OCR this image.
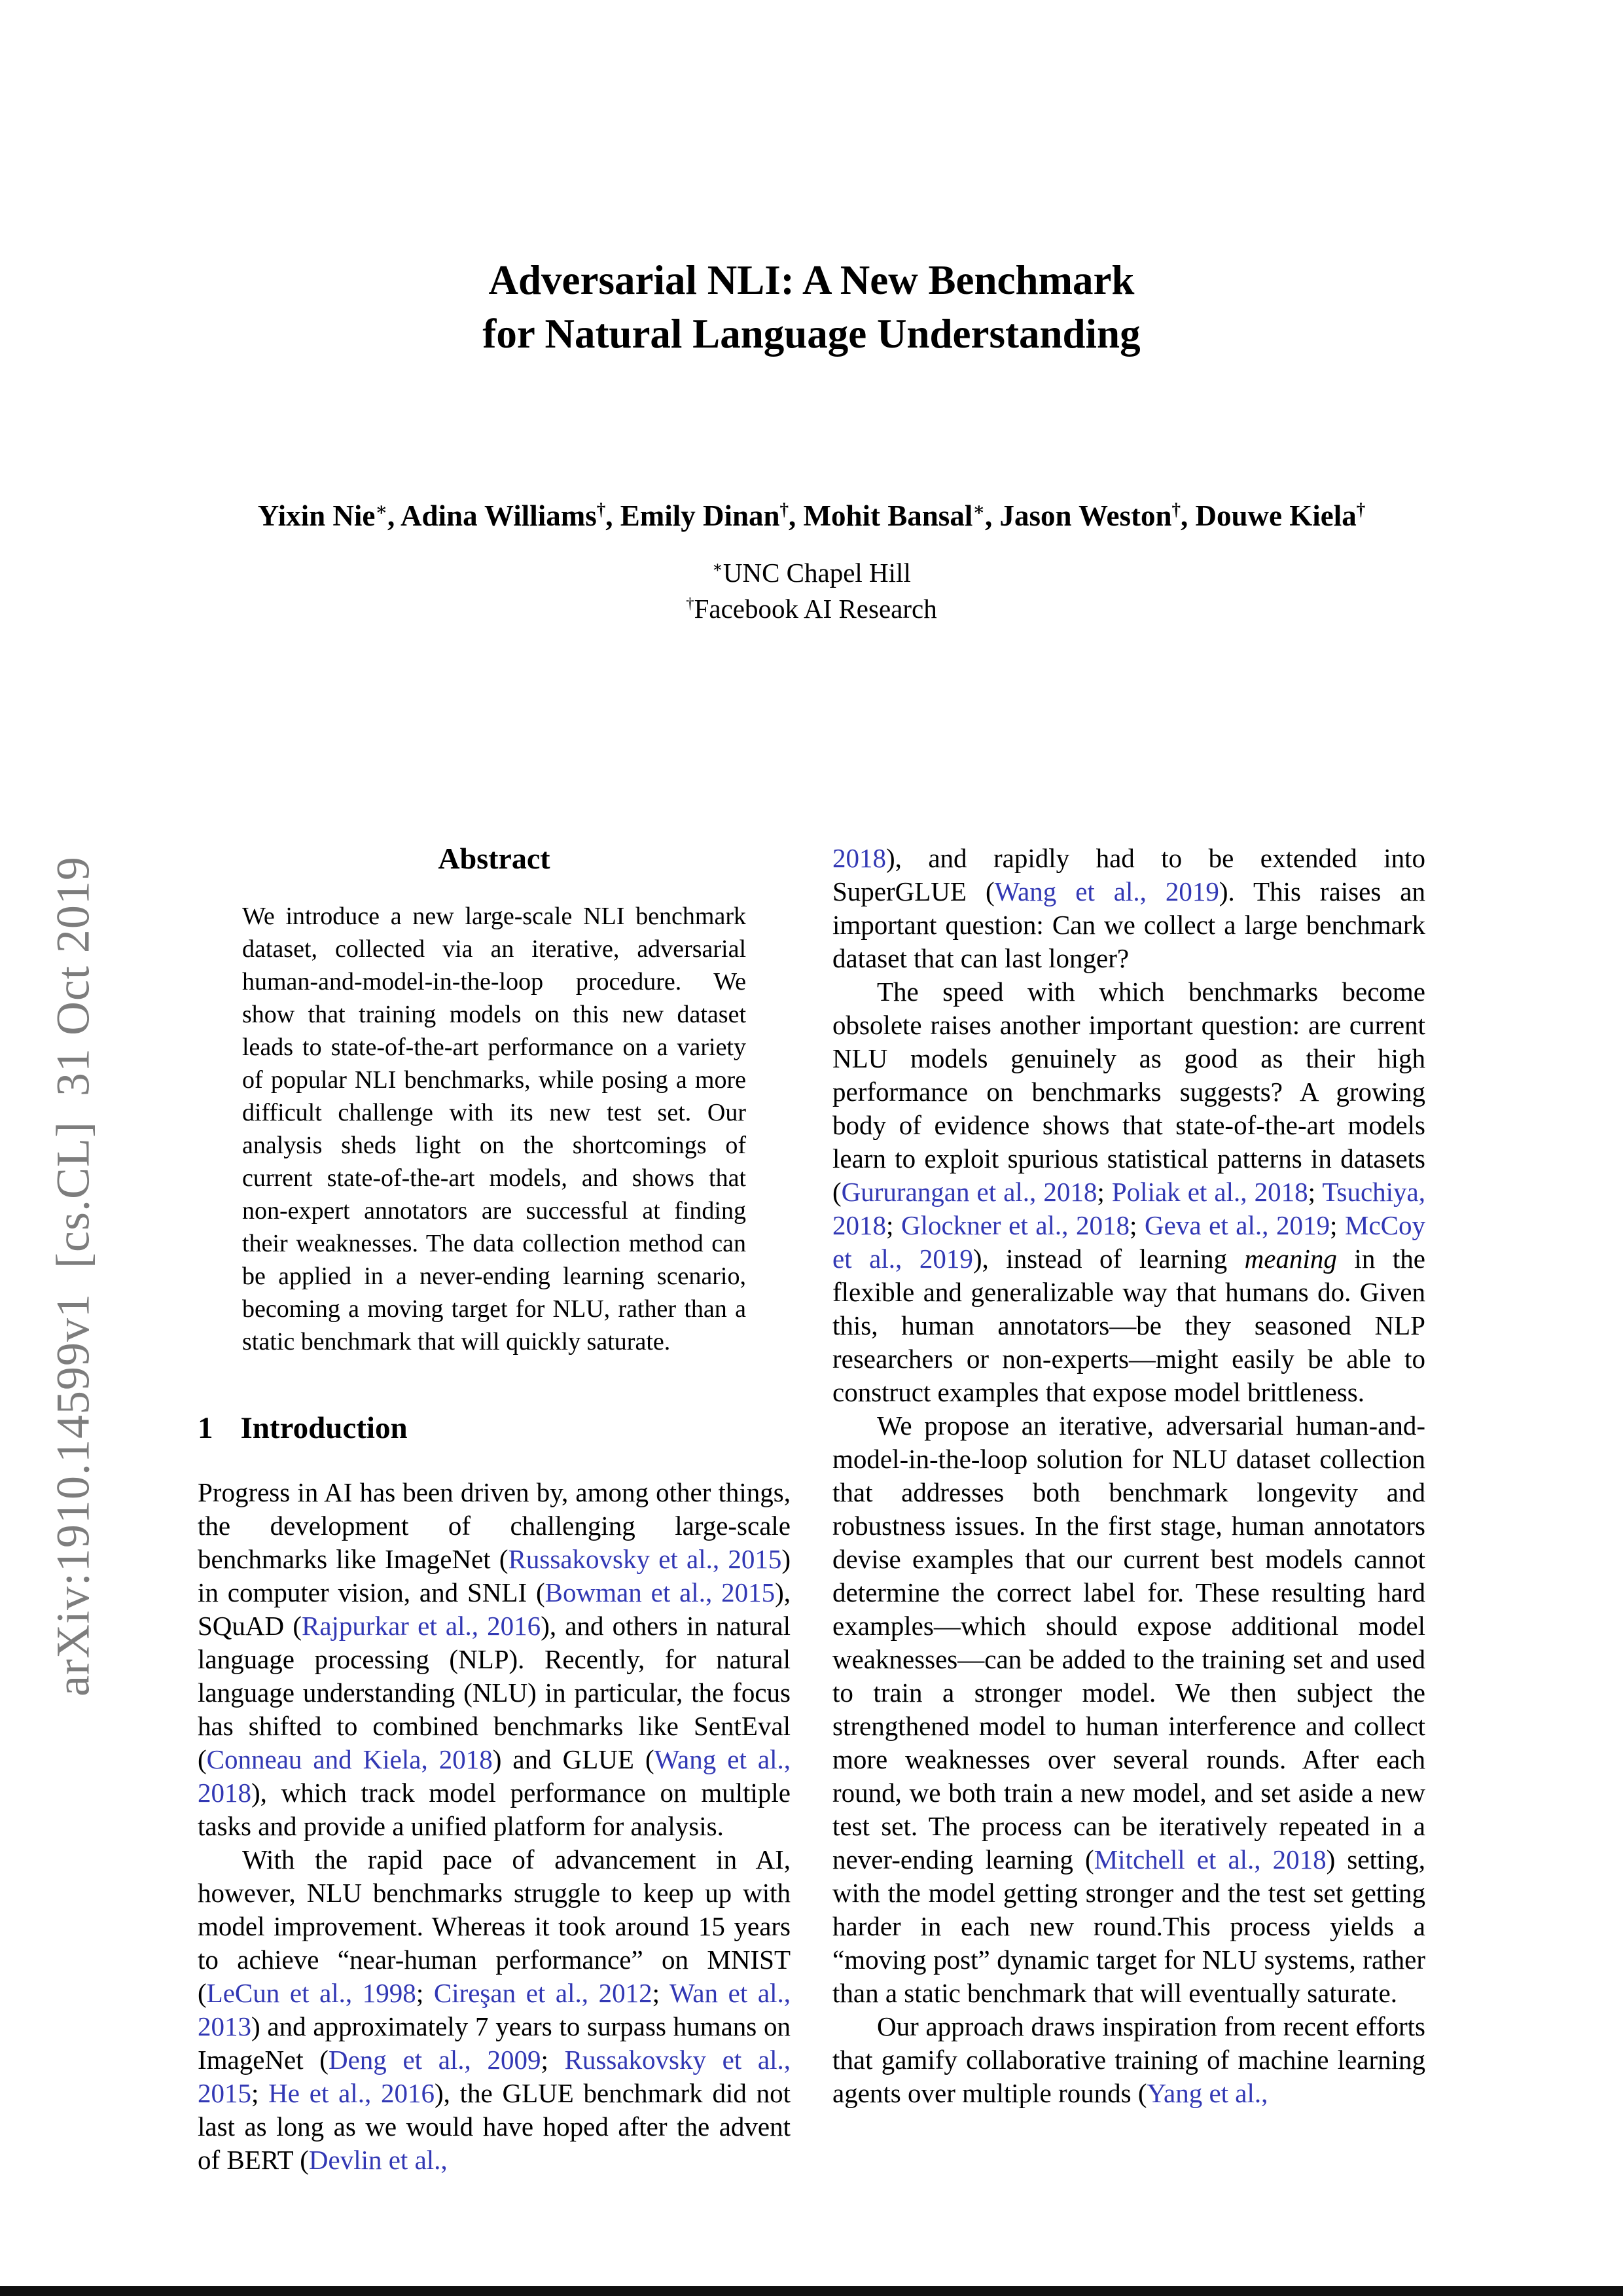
arXiv:1910.14599v1  [cs.CL]  31 Oct 2019
Adversarial NLI: A New Benchmark
for Natural Language Understanding
Yixin Nie∗, Adina Williams†, Emily Dinan†, Mohit Bansal∗, Jason Weston†, Douwe Kiela†
∗UNC Chapel Hill
†Facebook AI Research
Abstract
We introduce a new large-scale NLI benchmark dataset, collected via an iterative, adversarial human-and-model-in-the-loop procedure. We show that training models on this new dataset leads to state-of-the-art performance on a variety of popular NLI benchmarks, while posing a more difficult challenge with its new test set. Our analysis sheds light on the shortcomings of current state-of-the-art models, and shows that non-expert annotators are successful at finding their weaknesses. The data collection method can be applied in a never-ending learning scenario, becoming a moving target for NLU, rather than a static benchmark that will quickly saturate.
1 Introduction

Progress in AI has been driven by, among other things, the development of challenging large-scale benchmarks like ImageNet (Russakovsky et al., 2015) in computer vision, and SNLI (Bowman et al., 2015), SQuAD (Rajpurkar et al., 2016), and others in natural language processing (NLP). Recently, for natural language understanding (NLU) in particular, the focus has shifted to combined benchmarks like SentEval (Conneau and Kiela, 2018) and GLUE (Wang et al., 2018), which track model performance on multiple tasks and provide a unified platform for analysis.

With the rapid pace of advancement in AI, however, NLU benchmarks struggle to keep up with model improvement. Whereas it took around 15 years to achieve “near-human performance” on MNIST (LeCun et al., 1998; Cireşan et al., 2012; Wan et al., 2013) and approximately 7 years to surpass humans on ImageNet (Deng et al., 2009; Russakovsky et al., 2015; He et al., 2016), the GLUE benchmark did not last as long as we would have hoped after the advent of BERT (Devlin et al.,

2018), and rapidly had to be extended into SuperGLUE (Wang et al., 2019). This raises an important question: Can we collect a large benchmark dataset that can last longer?

The speed with which benchmarks become obsolete raises another important question: are current NLU models genuinely as good as their high performance on benchmarks suggests? A growing body of evidence shows that state-of-the-art models learn to exploit spurious statistical patterns in datasets (Gururangan et al., 2018; Poliak et al., 2018; Tsuchiya, 2018; Glockner et al., 2018; Geva et al., 2019; McCoy et al., 2019), instead of learning meaning in the flexible and generalizable way that humans do. Given this, human annotators—be they seasoned NLP researchers or non-experts—might easily be able to construct examples that expose model brittleness.

We propose an iterative, adversarial human-and-model-in-the-loop solution for NLU dataset collection that addresses both benchmark longevity and robustness issues. In the first stage, human annotators devise examples that our current best models cannot determine the correct label for. These resulting hard examples—which should expose additional model weaknesses—can be added to the training set and used to train a stronger model. We then subject the strengthened model to human interference and collect more weaknesses over several rounds. After each round, we both train a new model, and set aside a new test set. The process can be iteratively repeated in a never-ending learning (Mitchell et al., 2018) setting, with the model getting stronger and the test set getting harder in each new round.This process yields a “moving post” dynamic target for NLU systems, rather than a static benchmark that will eventually saturate.

Our approach draws inspiration from recent efforts that gamify collaborative training of machine learning agents over multiple rounds (Yang et al.,
